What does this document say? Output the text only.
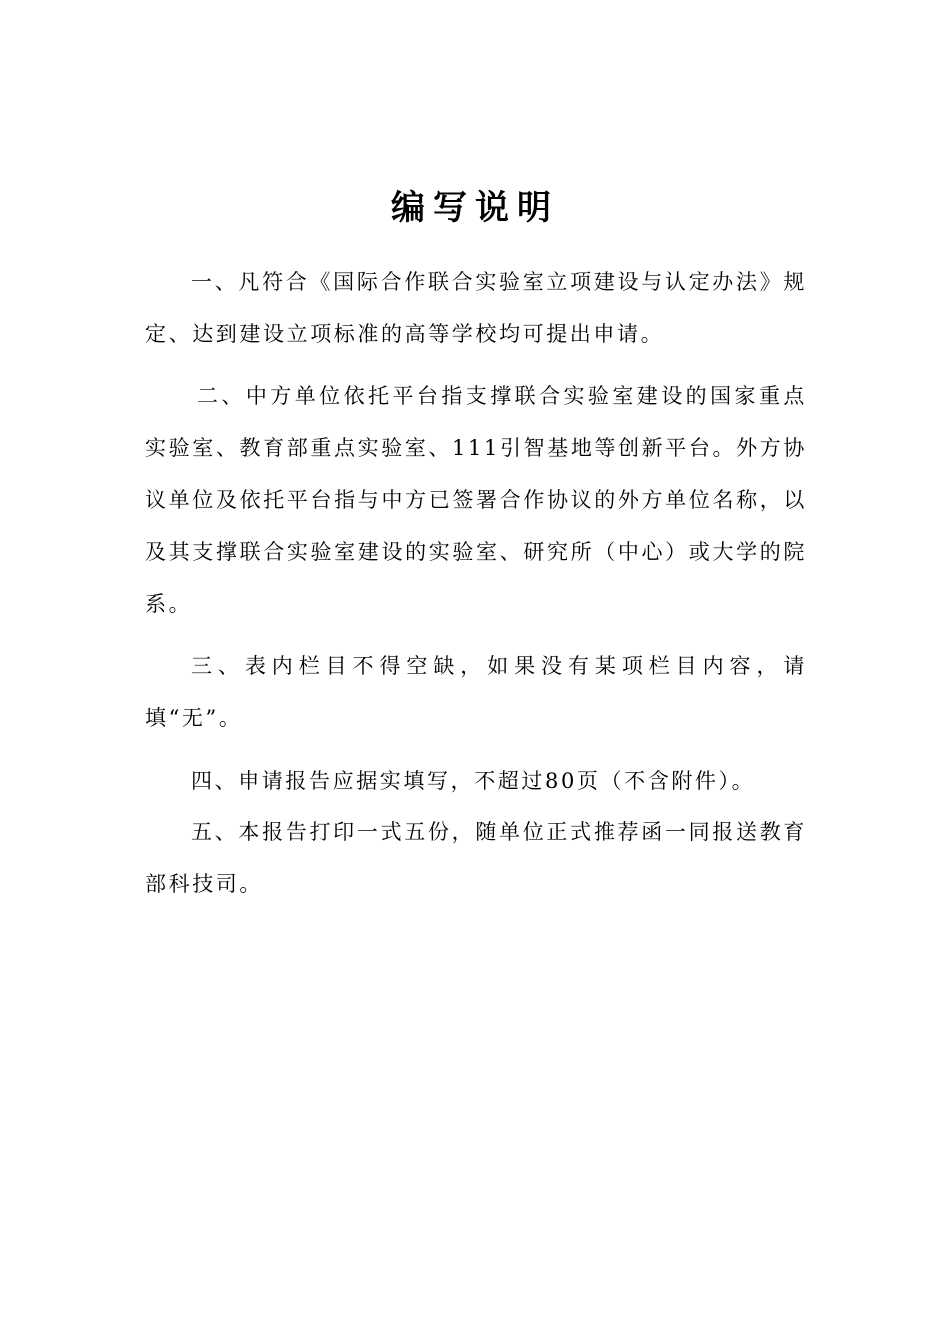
编写说明

一、凡符合《国际合作联合实验室立项建设与认定办法》规定、达到建设立项标准的高等学校均可提出申请。

二、中方单位依托平台指支撑联合实验室建设的国家重点实验室、教育部重点实验室、111引智基地等创新平台。外方协议单位及依托平台指与中方已签署合作协议的外方单位名称，以及其支撑联合实验室建设的实验室、研究所（中心）或大学的院系。

三、表内栏目不得空缺，如果没有某项栏目内容，请填“无”。

四、申请报告应据实填写，不超过80页（不含附件）。

五、本报告打印一式五份，随单位正式推荐函一同报送教育部科技司。
